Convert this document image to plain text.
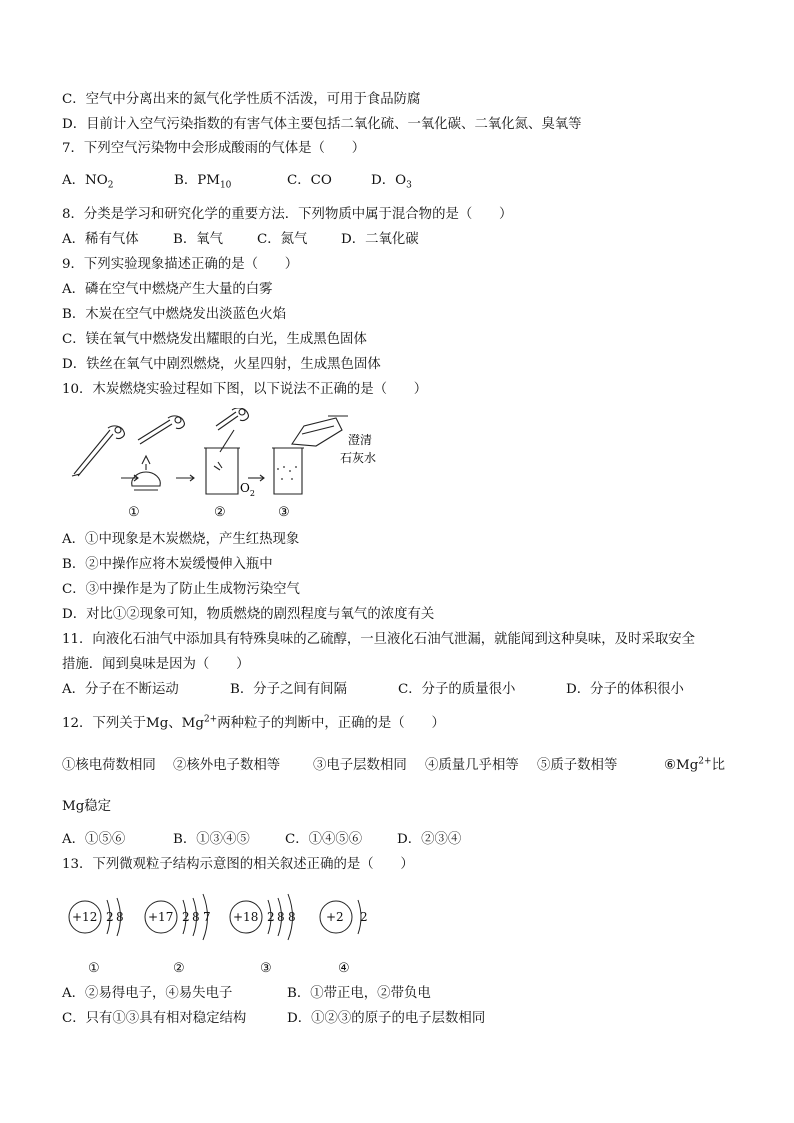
C．空气中分离出来的氮气化学性质不活泼，可用于食品防腐
D．目前计入空气污染指数的有害气体主要包括二氧化硫、一氧化碳、二氧化氮、臭氧等
7．下列空气污染物中会形成酸雨的气体是（　　）
A．$NO_2$	B．$PM_{10}$	C．CO	D．$O_3$
8．分类是学习和研究化学的重要方法．下列物质中属于混合物的是（　　）
A．稀有气体	B．氧气	C．氮气	D．二氧化碳
9．下列实验现象描述正确的是（　　）
A．磷在空气中燃烧产生大量的白雾
B．木炭在空气中燃烧发出淡蓝色火焰
C．镁在氧气中燃烧发出耀眼的白光，生成黑色固体
D．铁丝在氧气中剧烈燃烧，火星四射，生成黑色固体
10．木炭燃烧实验过程如下图，以下说法不正确的是（　　）
①	②	③
$O_2$
澄清
石灰水
A．①中现象是木炭燃烧，产生红热现象
B．②中操作应将木炭缓慢伸入瓶中
C．③中操作是为了防止生成物污染空气
D．对比①②现象可知，物质燃烧的剧烈程度与氧气的浓度有关
11．向液化石油气中添加具有特殊臭味的乙硫醇，一旦液化石油气泄漏，就能闻到这种臭味，及时采取安全
措施．闻到臭味是因为（　　）
A．分子在不断运动	B．分子之间有间隔	C．分子的质量很小	D．分子的体积很小
12．下列关于Mg、$Mg^{2+}$两种粒子的判断中，正确的是（　　）
①核电荷数相同 ②核外电子数相等 ③电子层数相同 ④质量几乎相等 ⑤质子数相等	$⑥Mg^{2+}$比
Mg稳定
A．①⑤⑥	B．①③④⑤	C．①④⑤⑥	D．②③④
13．下列微观粒子结构示意图的相关叙述正确的是（　　）
+12 2 8
①
+17 2 8 7
②
+18 2 8 8
③
+2 2
④
A．②易得电子，④易失电子	B．①带正电，②带负电
C．只有①③具有相对稳定结构	D．①②③的原子的电子层数相同
